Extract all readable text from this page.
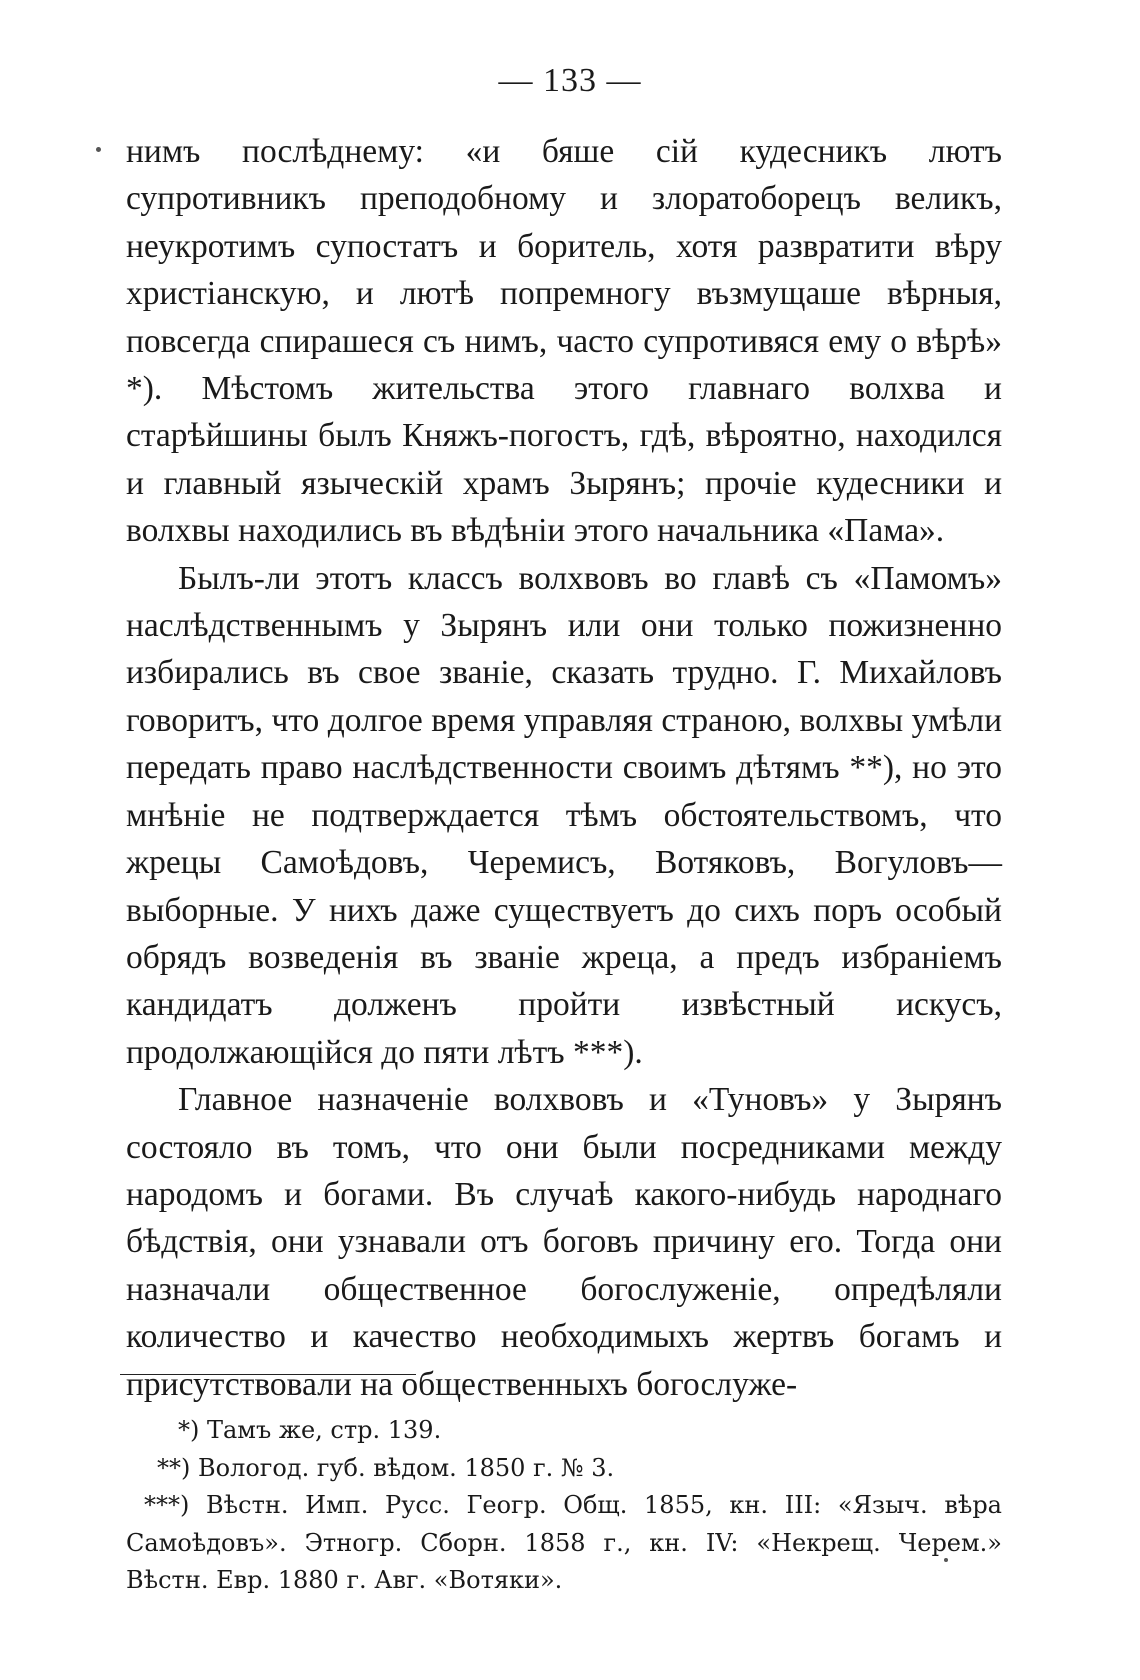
— 133 —

нимъ послѣднему: «и бяше сій кудесникъ лютъ супротивникъ преподобному и злоратоборецъ великъ, неукротимъ супостатъ и боритель, хотя развратити вѣру христіанскую, и лютѣ попремногу възмущаше вѣрныя, повсегда спирашеся съ нимъ, часто супротивяся ему о вѣрѣ» *). Мѣстомъ жительства этого главнаго волхва и старѣйшины былъ Княжъ-погостъ, гдѣ, вѣроятно, находился и главный языческій храмъ Зырянъ; прочіе кудесники и волхвы находились въ вѣдѣніи этого начальника «Пама».

Былъ-ли этотъ классъ волхвовъ во главѣ съ «Памомъ» наслѣдственнымъ у Зырянъ или они только пожизненно избирались въ свое званіе, сказать трудно. Г. Михайловъ говоритъ, что долгое время управляя страною, волхвы умѣли передать право наслѣдственности своимъ дѣтямъ **), но это мнѣніе не подтверждается тѣмъ обстоятельствомъ, что жрецы Самоѣдовъ, Черемисъ, Вотяковъ, Вогуловъ—выборные. У нихъ даже существуетъ до сихъ поръ особый обрядъ возведенія въ званіе жреца, а предъ избраніемъ кандидатъ долженъ пройти извѣстный искусъ, продолжающійся до пяти лѣтъ ***).

Главное назначеніе волхвовъ и «Туновъ» у Зырянъ состояло въ томъ, что они были посредниками между народомъ и богами. Въ случаѣ какого-нибудь народнаго бѣдствія, они узнавали отъ боговъ причину его. Тогда они назначали общественное богослуженіе, опредѣляли количество и качество необходимыхъ жертвъ богамъ и присутствовали на общественныхъ богослуже-

*) Тамъ же, стр. 139.

**) Вологод. губ. вѣдом. 1850 г. № 3.

***) Вѣстн. Имп. Русс. Геогр. Общ. 1855, кн. III: «Языч. вѣра Самоѣдовъ». Этногр. Сборн. 1858 г., кн. IV: «Некрещ. Черем.» Вѣстн. Евр. 1880 г. Авг. «Вотяки».
